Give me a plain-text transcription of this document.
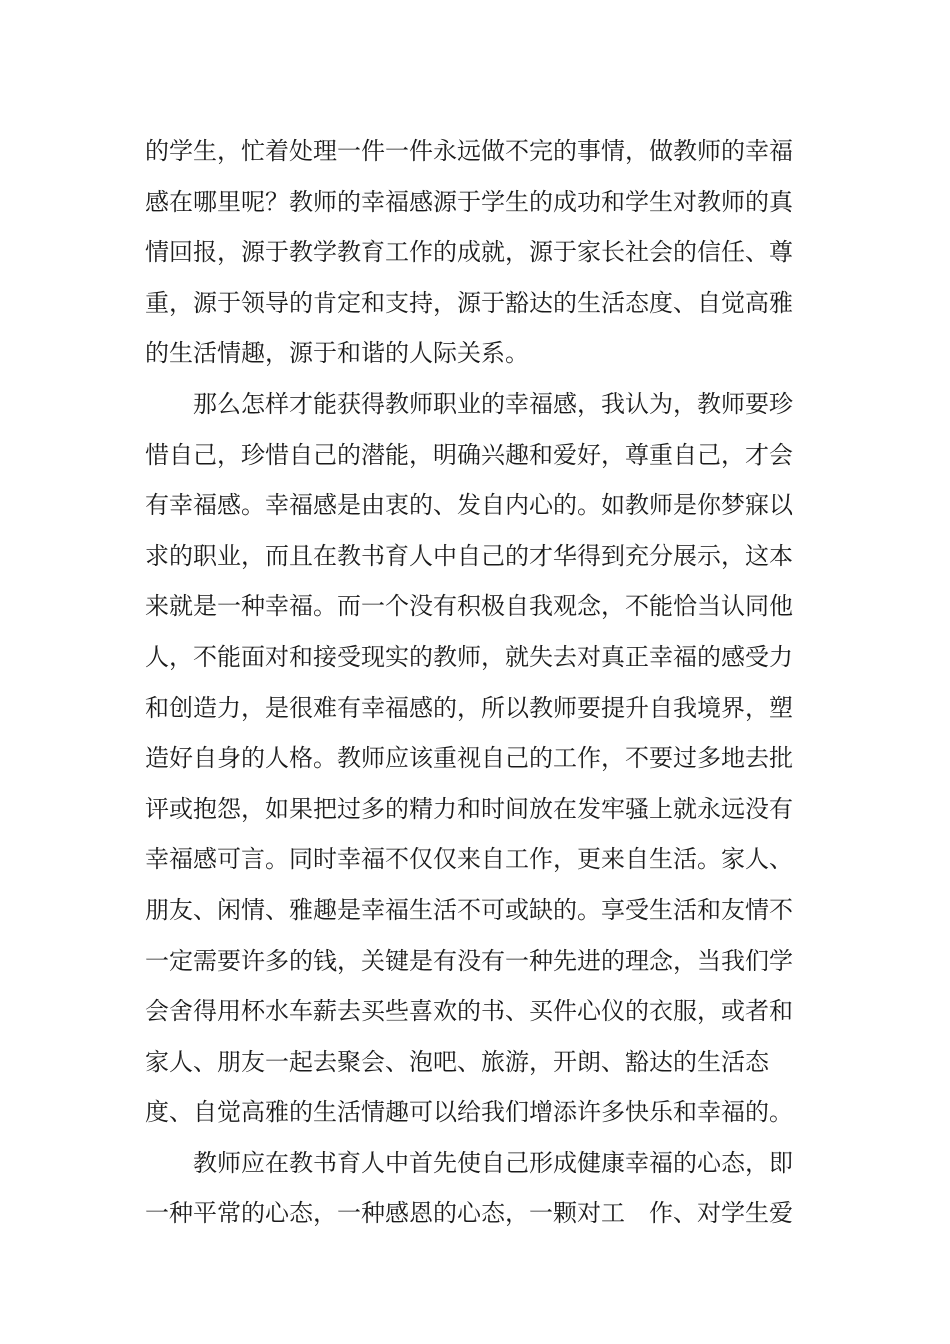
的学生，忙着处理一件一件永远做不完的事情，做教师的幸福
感在哪里呢？教师的幸福感源于学生的成功和学生对教师的真
情回报，源于教学教育工作的成就，源于家长社会的信任、尊
重，源于领导的肯定和支持，源于豁达的生活态度、自觉高雅
的生活情趣，源于和谐的人际关系。

那么怎样才能获得教师职业的幸福感，我认为，教师要珍
惜自己，珍惜自己的潜能，明确兴趣和爱好，尊重自己，才会
有幸福感。幸福感是由衷的、发自内心的。如教师是你梦寐以
求的职业，而且在教书育人中自己的才华得到充分展示，这本
来就是一种幸福。而一个没有积极自我观念，不能恰当认同他
人，不能面对和接受现实的教师，就失去对真正幸福的感受力
和创造力，是很难有幸福感的，所以教师要提升自我境界，塑
造好自身的人格。教师应该重视自己的工作，不要过多地去批
评或抱怨，如果把过多的精力和时间放在发牢骚上就永远没有
幸福感可言。同时幸福不仅仅来自工作，更来自生活。家人、
朋友、闲情、雅趣是幸福生活不可或缺的。享受生活和友情不
一定需要许多的钱，关键是有没有一种先进的理念，当我们学
会舍得用杯水车薪去买些喜欢的书、买件心仪的衣服，或者和
家人、朋友一起去聚会、泡吧、旅游，开朗、豁达的生活态
度、自觉高雅的生活情趣可以给我们增添许多快乐和幸福的。

教师应在教书育人中首先使自己形成健康幸福的心态，即
一种平常的心态，一种感恩的心态，一颗对工　作、对学生爱
